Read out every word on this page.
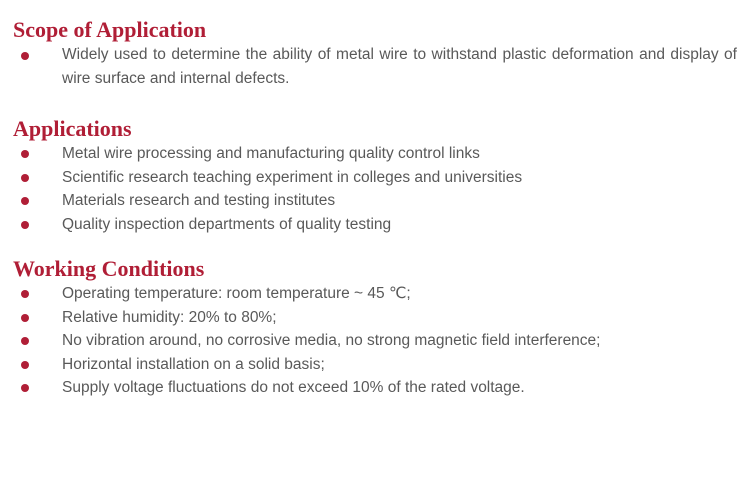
Scope of Application
Widely used to determine the ability of metal wire to withstand plastic deformation and display of wire surface and internal defects.
Applications
Metal wire processing and manufacturing quality control links
Scientific research teaching experiment in colleges and universities
Materials research and testing institutes
Quality inspection departments of quality testing
Working Conditions
Operating temperature: room temperature ~ 45 ℃;
Relative humidity: 20% to 80%;
No vibration around, no corrosive media, no strong magnetic field interference;
Horizontal installation on a solid basis;
Supply voltage fluctuations do not exceed 10% of the rated voltage.
